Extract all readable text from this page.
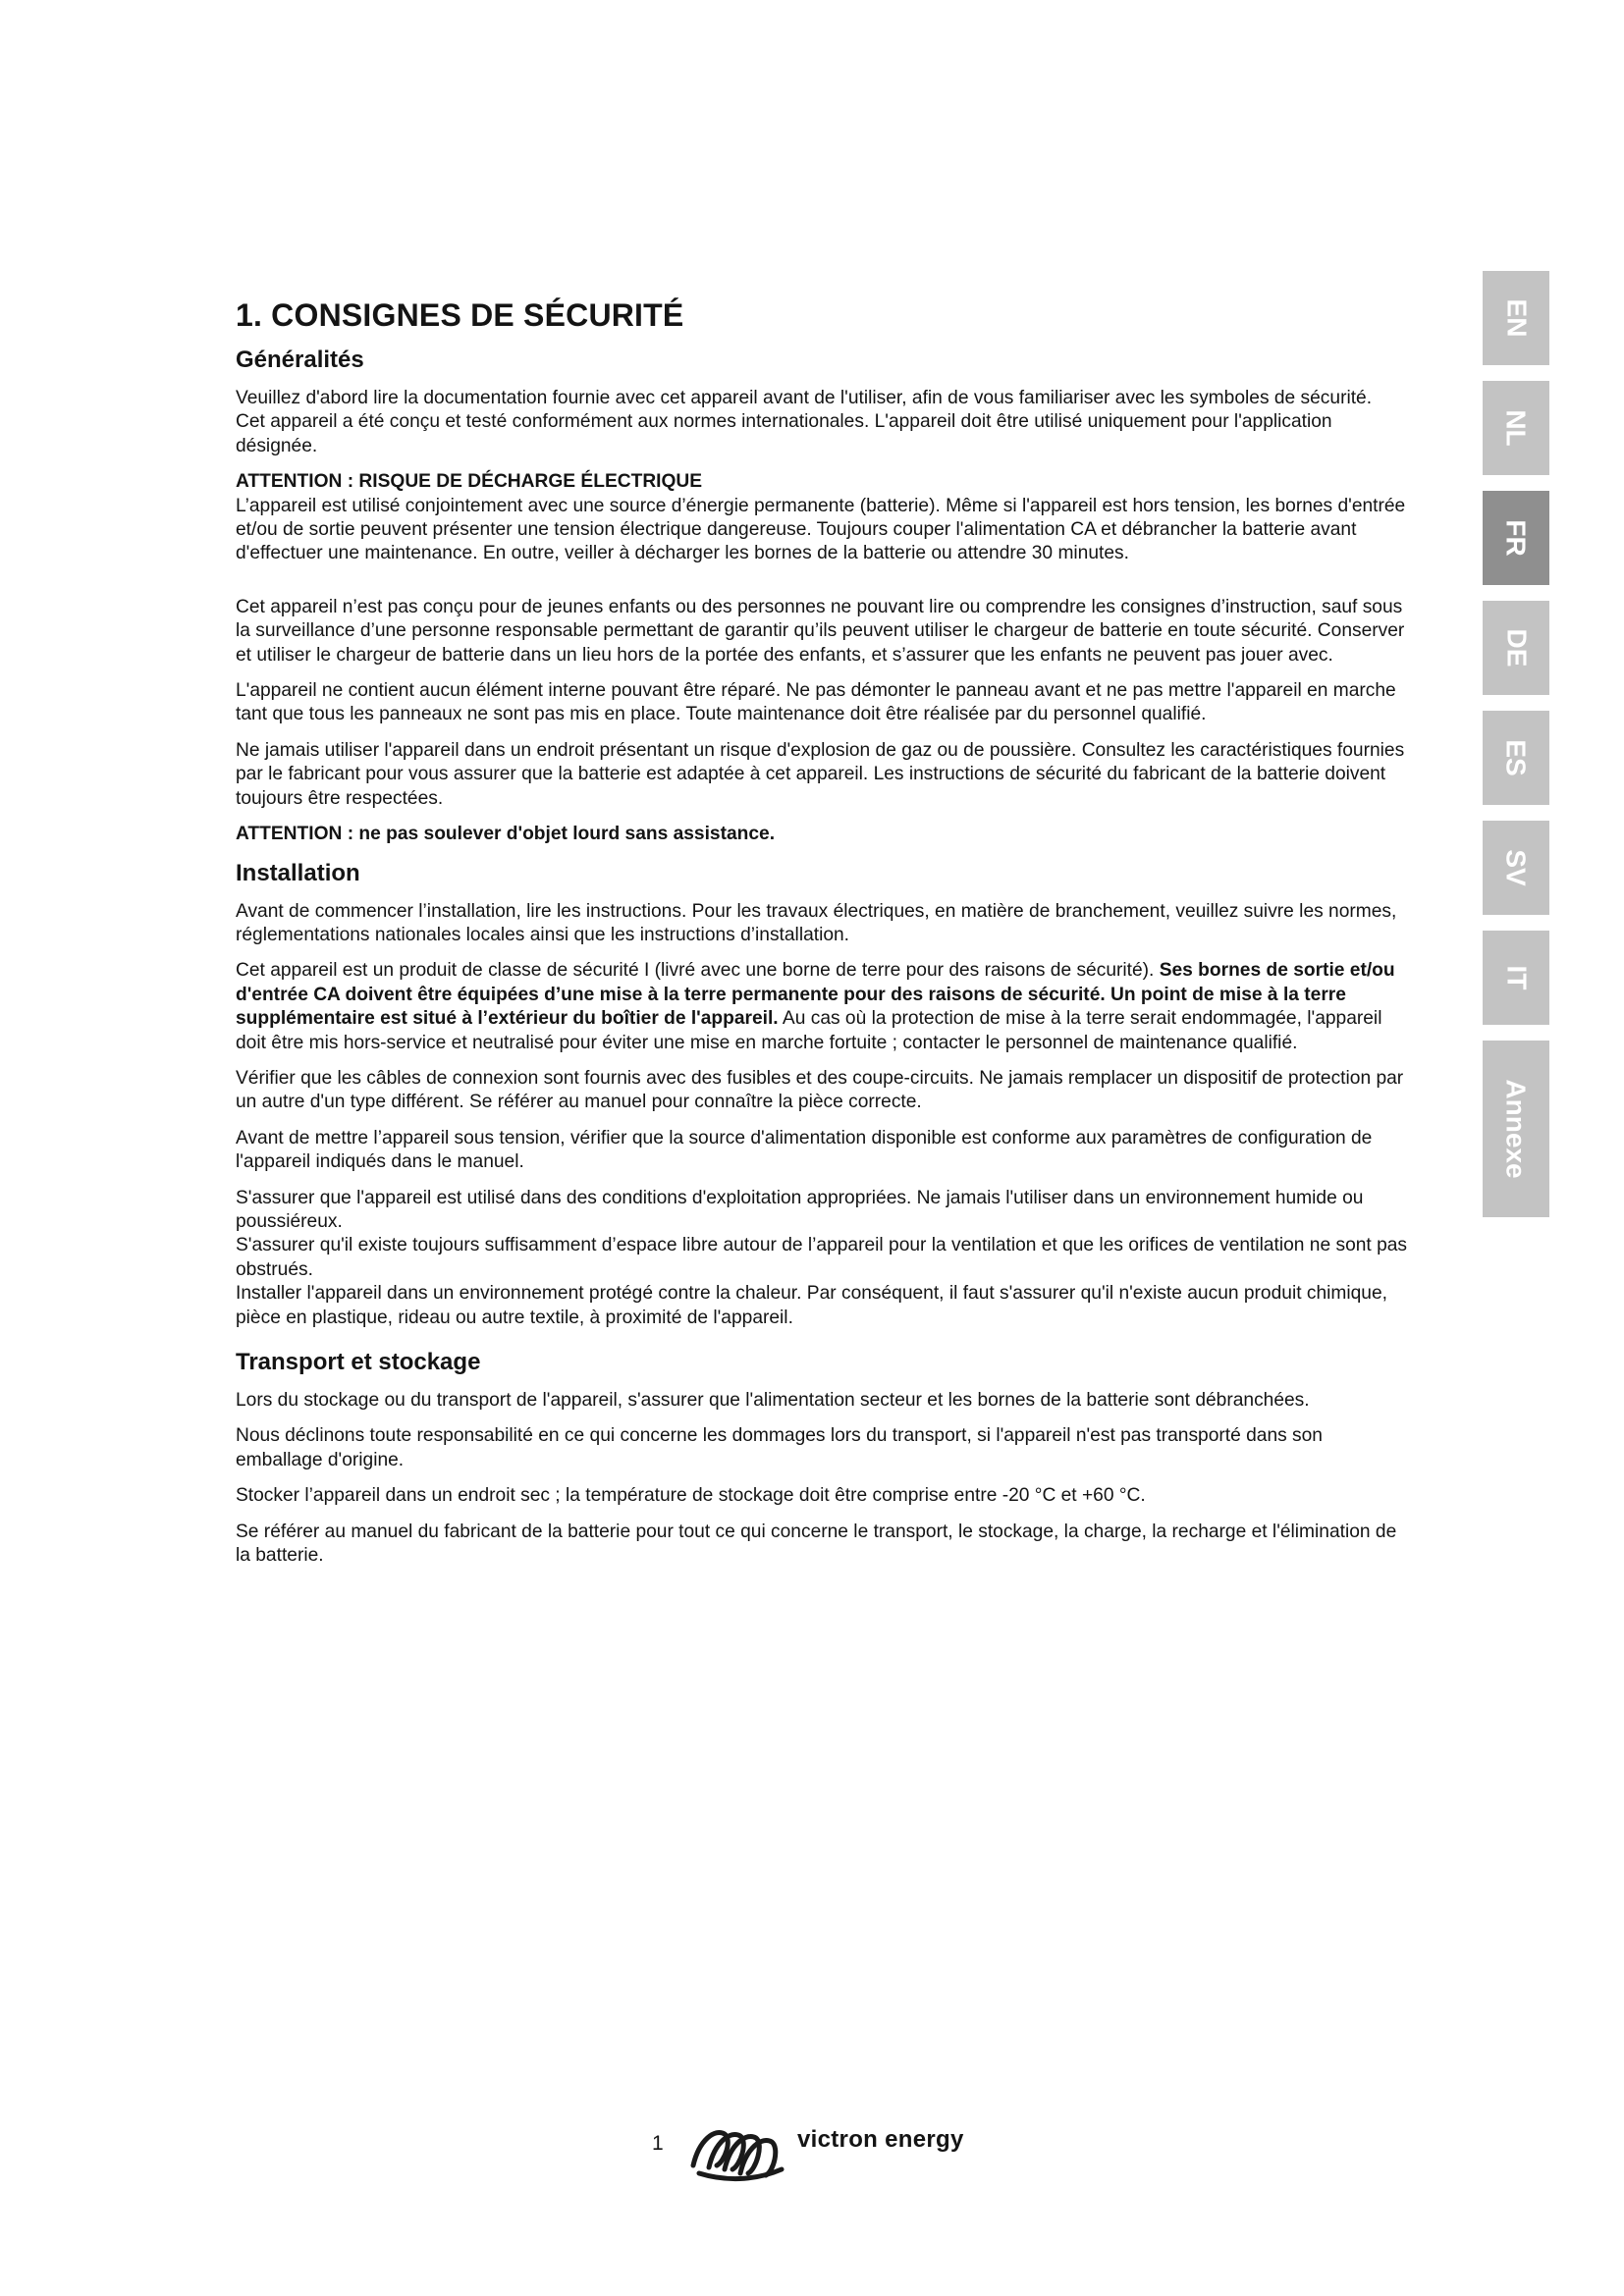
1. CONSIGNES DE SÉCURITÉ
Généralités

Veuillez d'abord lire la documentation fournie avec cet appareil avant de l'utiliser, afin de vous familiariser avec les symboles de sécurité.

Cet appareil a été conçu et testé conformément aux normes internationales. L'appareil doit être utilisé uniquement pour l'application désignée.

ATTENTION : RISQUE DE DÉCHARGE ÉLECTRIQUE
L’appareil est utilisé conjointement avec une source d’énergie permanente (batterie). Même si l'appareil est hors tension, les bornes d'entrée et/ou de sortie peuvent présenter une tension électrique dangereuse. Toujours couper l'alimentation CA et débrancher la batterie avant d'effectuer une maintenance. En outre, veiller à décharger les bornes de la batterie ou attendre 30 minutes.

Cet appareil n’est pas conçu pour de jeunes enfants ou des personnes ne pouvant lire ou comprendre les consignes d’instruction, sauf sous la surveillance d’une personne responsable permettant de garantir qu’ils peuvent utiliser le chargeur de batterie en toute sécurité. Conserver et utiliser le chargeur de batterie dans un lieu hors de la portée des enfants, et s’assurer que les enfants ne peuvent pas jouer avec.

L'appareil ne contient aucun élément interne pouvant être réparé. Ne pas démonter le panneau avant et ne pas mettre l'appareil en marche tant que tous les panneaux ne sont pas mis en place. Toute maintenance doit être réalisée par du personnel qualifié.

Ne jamais utiliser l'appareil dans un endroit présentant un risque d'explosion de gaz ou de poussière. Consultez les caractéristiques fournies par le fabricant pour vous assurer que la batterie est adaptée à cet appareil. Les instructions de sécurité du fabricant de la batterie doivent toujours être respectées.

ATTENTION : ne pas soulever d'objet lourd sans assistance.

Installation

Avant de commencer l’installation, lire les instructions. Pour les travaux électriques, en matière de branchement, veuillez suivre les normes, réglementations nationales locales ainsi que les instructions d’installation.

Cet appareil est un produit de classe de sécurité I (livré avec une borne de terre pour des raisons de sécurité). Ses bornes de sortie et/ou d'entrée CA doivent être équipées d’une mise à la terre permanente pour des raisons de sécurité. Un point de mise à la terre supplémentaire est situé à l’extérieur du boîtier de l'appareil. Au cas où la protection de mise à la terre serait endommagée, l'appareil doit être mis hors-service et neutralisé pour éviter une mise en marche fortuite ; contacter le personnel de maintenance qualifié.

Vérifier que les câbles de connexion sont fournis avec des fusibles et des coupe-circuits. Ne jamais remplacer un dispositif de protection par un autre d'un type différent. Se référer au manuel pour connaître la pièce correcte.

Avant de mettre l’appareil sous tension, vérifier que la source d'alimentation disponible est conforme aux paramètres de configuration de l'appareil indiqués dans le manuel.

S'assurer que l'appareil est utilisé dans des conditions d'exploitation appropriées. Ne jamais l'utiliser dans un environnement humide ou poussiéreux.

S'assurer qu'il existe toujours suffisamment d’espace libre autour de l’appareil pour la ventilation et que les orifices de ventilation ne sont pas obstrués.

Installer l'appareil dans un environnement protégé contre la chaleur. Par conséquent, il faut s'assurer qu'il n'existe aucun produit chimique, pièce en plastique, rideau ou autre textile, à proximité de l'appareil.

Transport et stockage

Lors du stockage ou du transport de l'appareil, s'assurer que l'alimentation secteur et les bornes de la batterie sont débranchées.

Nous déclinons toute responsabilité en ce qui concerne les dommages lors du transport, si l'appareil n'est pas transporté dans son emballage d'origine.

Stocker l’appareil dans un endroit sec ; la température de stockage doit être comprise entre -20 °C et +60 °C.

Se référer au manuel du fabricant de la batterie pour tout ce qui concerne le transport, le stockage, la charge, la recharge et l'élimination de la batterie.

EN
NL
FR
DE
ES
SV
IT
Annexe
1	victron energy
